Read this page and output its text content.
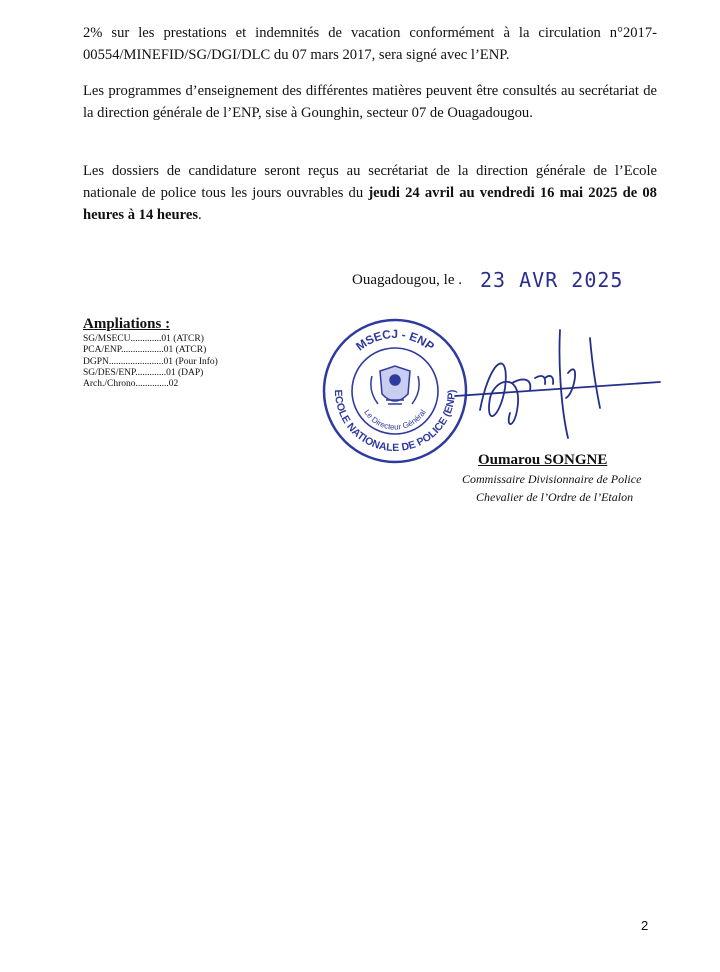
2% sur les prestations et indemnités de vacation conformément à la circulation n°2017-00554/MINEFID/SG/DGI/DLC du 07 mars 2017, sera signé avec l’ENP.

Les programmes d’enseignement des différentes matières peuvent être consultés au secrétariat de la direction générale de l’ENP, sise à Gounghin, secteur 07 de Ouagadougou.

Les dossiers de candidature seront reçus au secrétariat de la direction générale de l’Ecole nationale de police tous les jours ouvrables du jeudi 24 avril au vendredi 16 mai 2025 de 08 heures à 14 heures.

Ouagadougou, le . 23 AVR 2025
Ampliations :
SG/MSECU.............01 (ATCR)
PCA/ENP..................01 (ATCR)
DGPN.......................01 (Pour Info)
SG/DES/ENP.............01 (DAP)
Arch./Chrono..............02
MSECJ - ENP
ECOLE NATIONALE DE POLICE (ENP)
Le Directeur Général
Oumarou SONGNE
Commissaire Divisionnaire de Police
Chevalier de l’Ordre de l’Etalon
2
